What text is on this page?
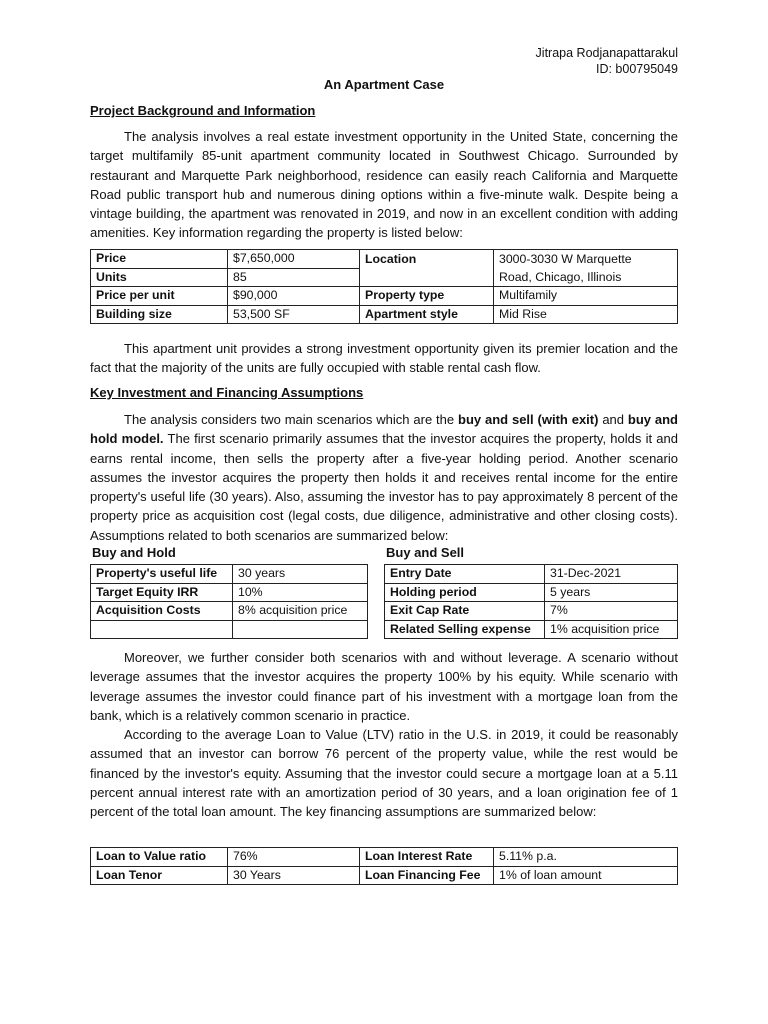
Jitrapa Rodjanapattarakul
ID: b00795049
An Apartment Case
Project Background and Information
The analysis involves a real estate investment opportunity in the United State, concerning the target multifamily 85-unit apartment community located in Southwest Chicago. Surrounded by restaurant and Marquette Park neighborhood, residence can easily reach California and Marquette Road public transport hub and numerous dining options within a five-minute walk. Despite being a vintage building, the apartment was renovated in 2019, and now in an excellent condition with adding amenities. Key information regarding the property is listed below:
Price	$7,650,000	Location	3000-3030 W Marquette
Units	85		Road, Chicago, Illinois
Price per unit	$90,000	Property type	Multifamily
Building size	53,500 SF	Apartment style	Mid Rise
This apartment unit provides a strong investment opportunity given its premier location and the fact that the majority of the units are fully occupied with stable rental cash flow.
Key Investment and Financing Assumptions
The analysis considers two main scenarios which are the buy and sell (with exit) and buy and hold model. The first scenario primarily assumes that the investor acquires the property, holds it and earns rental income, then sells the property after a five-year holding period. Another scenario assumes the investor acquires the property then holds it and receives rental income for the entire property's useful life (30 years). Also, assuming the investor has to pay approximately 8 percent of the property price as acquisition cost (legal costs, due diligence, administrative and other closing costs). Assumptions related to both scenarios are summarized below:
Buy and Hold	Buy and Sell
Property's useful life	30 years
Target Equity IRR	10%
Acquisition Costs	8% acquisition price

Entry Date	31-Dec-2021
Holding period	5 years
Exit Cap Rate	7%
Related Selling expense	1% acquisition price
Moreover, we further consider both scenarios with and without leverage. A scenario without leverage assumes that the investor acquires the property 100% by his equity. While scenario with leverage assumes the investor could finance part of his investment with a mortgage loan from the bank, which is a relatively common scenario in practice.
According to the average Loan to Value (LTV) ratio in the U.S. in 2019, it could be reasonably assumed that an investor can borrow 76 percent of the property value, while the rest would be financed by the investor's equity. Assuming that the investor could secure a mortgage loan at a 5.11 percent annual interest rate with an amortization period of 30 years, and a loan origination fee of 1 percent of the total loan amount. The key financing assumptions are summarized below:
Loan to Value ratio	76%	Loan Interest Rate	5.11% p.a.
Loan Tenor	30 Years	Loan Financing Fee	1% of loan amount
